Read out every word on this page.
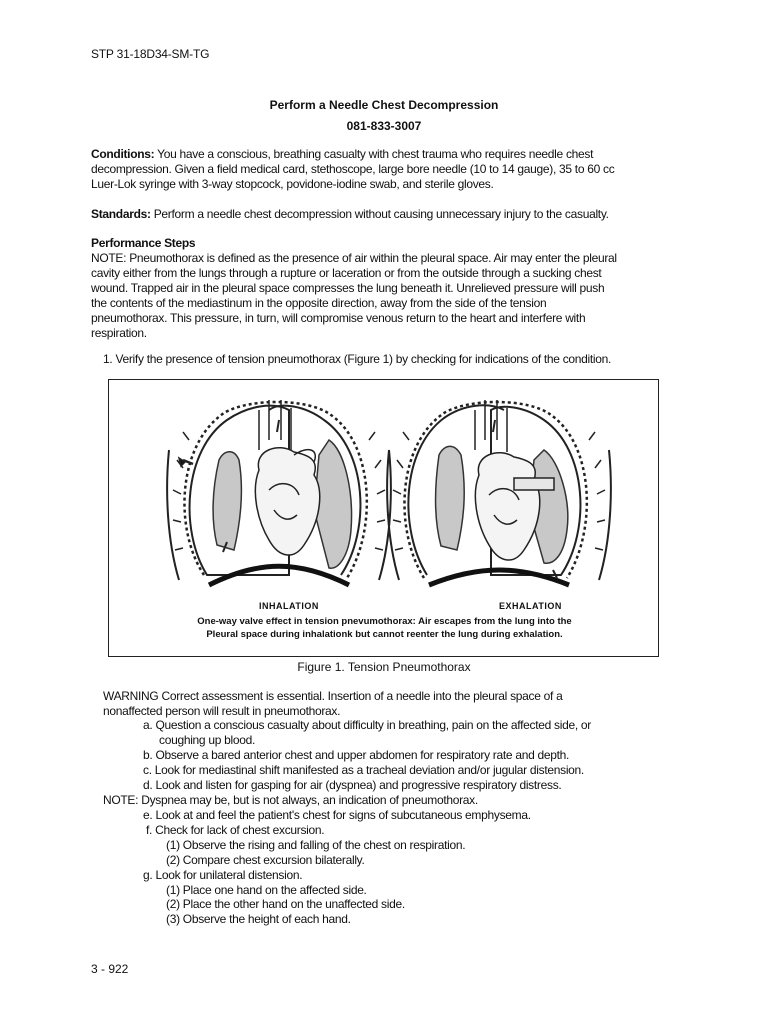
STP 31-18D34-SM-TG
Perform a Needle Chest Decompression
081-833-3007
Conditions: You have a conscious, breathing casualty with chest trauma who requires needle chest
decompression. Given a field medical card, stethoscope, large bore needle (10 to 14 gauge), 35 to 60 cc
Luer-Lok syringe with 3-way stopcock, povidone-iodine swab, and sterile gloves.
Standards: Perform a needle chest decompression without causing unnecessary injury to the casualty.
Performance Steps
NOTE: Pneumothorax is defined as the presence of air within the pleural space. Air may enter the pleural
cavity either from the lungs through a rupture or laceration or from the outside through a sucking chest
wound. Trapped air in the pleural space compresses the lung beneath it. Unrelieved pressure will push
the contents of the mediastinum in the opposite direction, away from the side of the tension
pneumothorax. This pressure, in turn, will compromise venous return to the heart and interfere with
respiration.
1. Verify the presence of tension pneumothorax (Figure 1) by checking for indications of the condition.
INHALATION	EXHALATION
One-way valve effect in tension pnevumothorax: Air escapes from the lung into the
Pleural space during inhalationk but cannot reenter the lung during exhalation.
Figure 1. Tension Pneumothorax
WARNING Correct assessment is essential. Insertion of a needle into the pleural space of a
nonaffected person will result in pneumothorax.
a. Question a conscious casualty about difficulty in breathing, pain on the affected side, or
coughing up blood.
b. Observe a bared anterior chest and upper abdomen for respiratory rate and depth.
c. Look for mediastinal shift manifested as a tracheal deviation and/or jugular distension.
d. Look and listen for gasping for air (dyspnea) and progressive respiratory distress.
NOTE: Dyspnea may be, but is not always, an indication of pneumothorax.
e. Look at and feel the patient's chest for signs of subcutaneous emphysema.
f. Check for lack of chest excursion.
(1) Observe the rising and falling of the chest on respiration.
(2) Compare chest excursion bilaterally.
g. Look for unilateral distension.
(1) Place one hand on the affected side.
(2) Place the other hand on the unaffected side.
(3) Observe the height of each hand.
3 - 922
